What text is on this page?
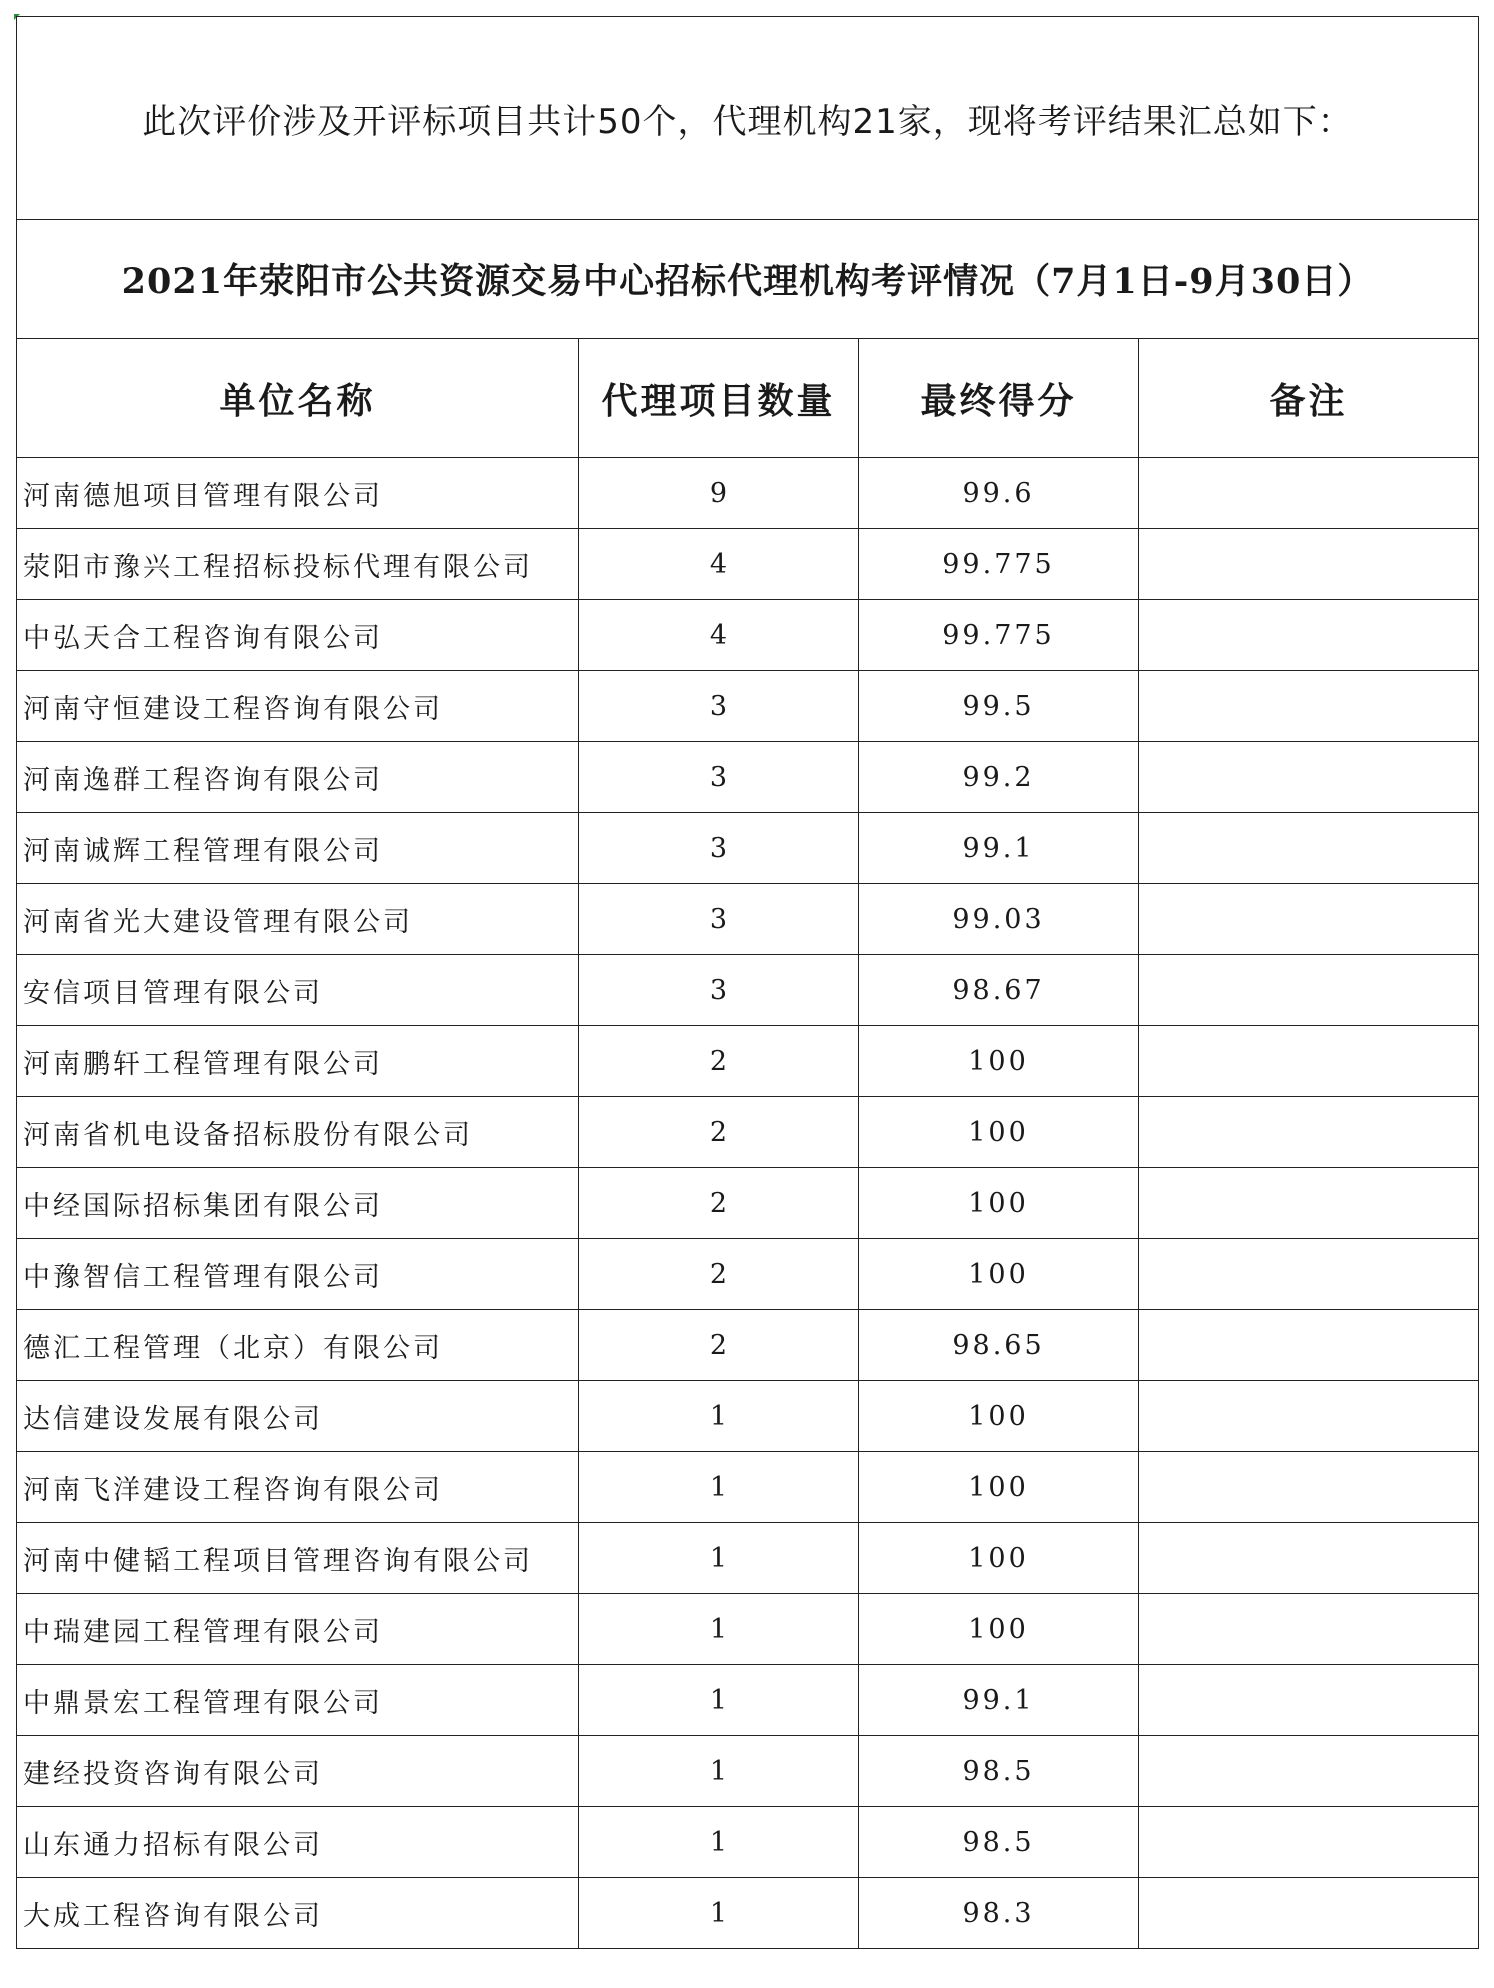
此次评价涉及开评标项目共计50个，代理机构21家，现将考评结果汇总如下：			
2021年荥阳市公共资源交易中心招标代理机构考评情况（7月1日-9月30日）			
单位名称	代理项目数量	最终得分	备注
河南德旭项目管理有限公司	9	99.6	
荥阳市豫兴工程招标投标代理有限公司	4	99.775	
中弘天合工程咨询有限公司	4	99.775	
河南守恒建设工程咨询有限公司	3	99.5	
河南逸群工程咨询有限公司	3	99.2	
河南诚辉工程管理有限公司	3	99.1	
河南省光大建设管理有限公司	3	99.03	
安信项目管理有限公司	3	98.67	
河南鹏轩工程管理有限公司	2	100	
河南省机电设备招标股份有限公司	2	100	
中经国际招标集团有限公司	2	100	
中豫智信工程管理有限公司	2	100	
德汇工程管理（北京）有限公司	2	98.65	
达信建设发展有限公司	1	100	
河南飞洋建设工程咨询有限公司	1	100	
河南中健韬工程项目管理咨询有限公司	1	100	
中瑞建园工程管理有限公司	1	100	
中鼎景宏工程管理有限公司	1	99.1	
建经投资咨询有限公司	1	98.5	
山东通力招标有限公司	1	98.5	
大成工程咨询有限公司	1	98.3	
